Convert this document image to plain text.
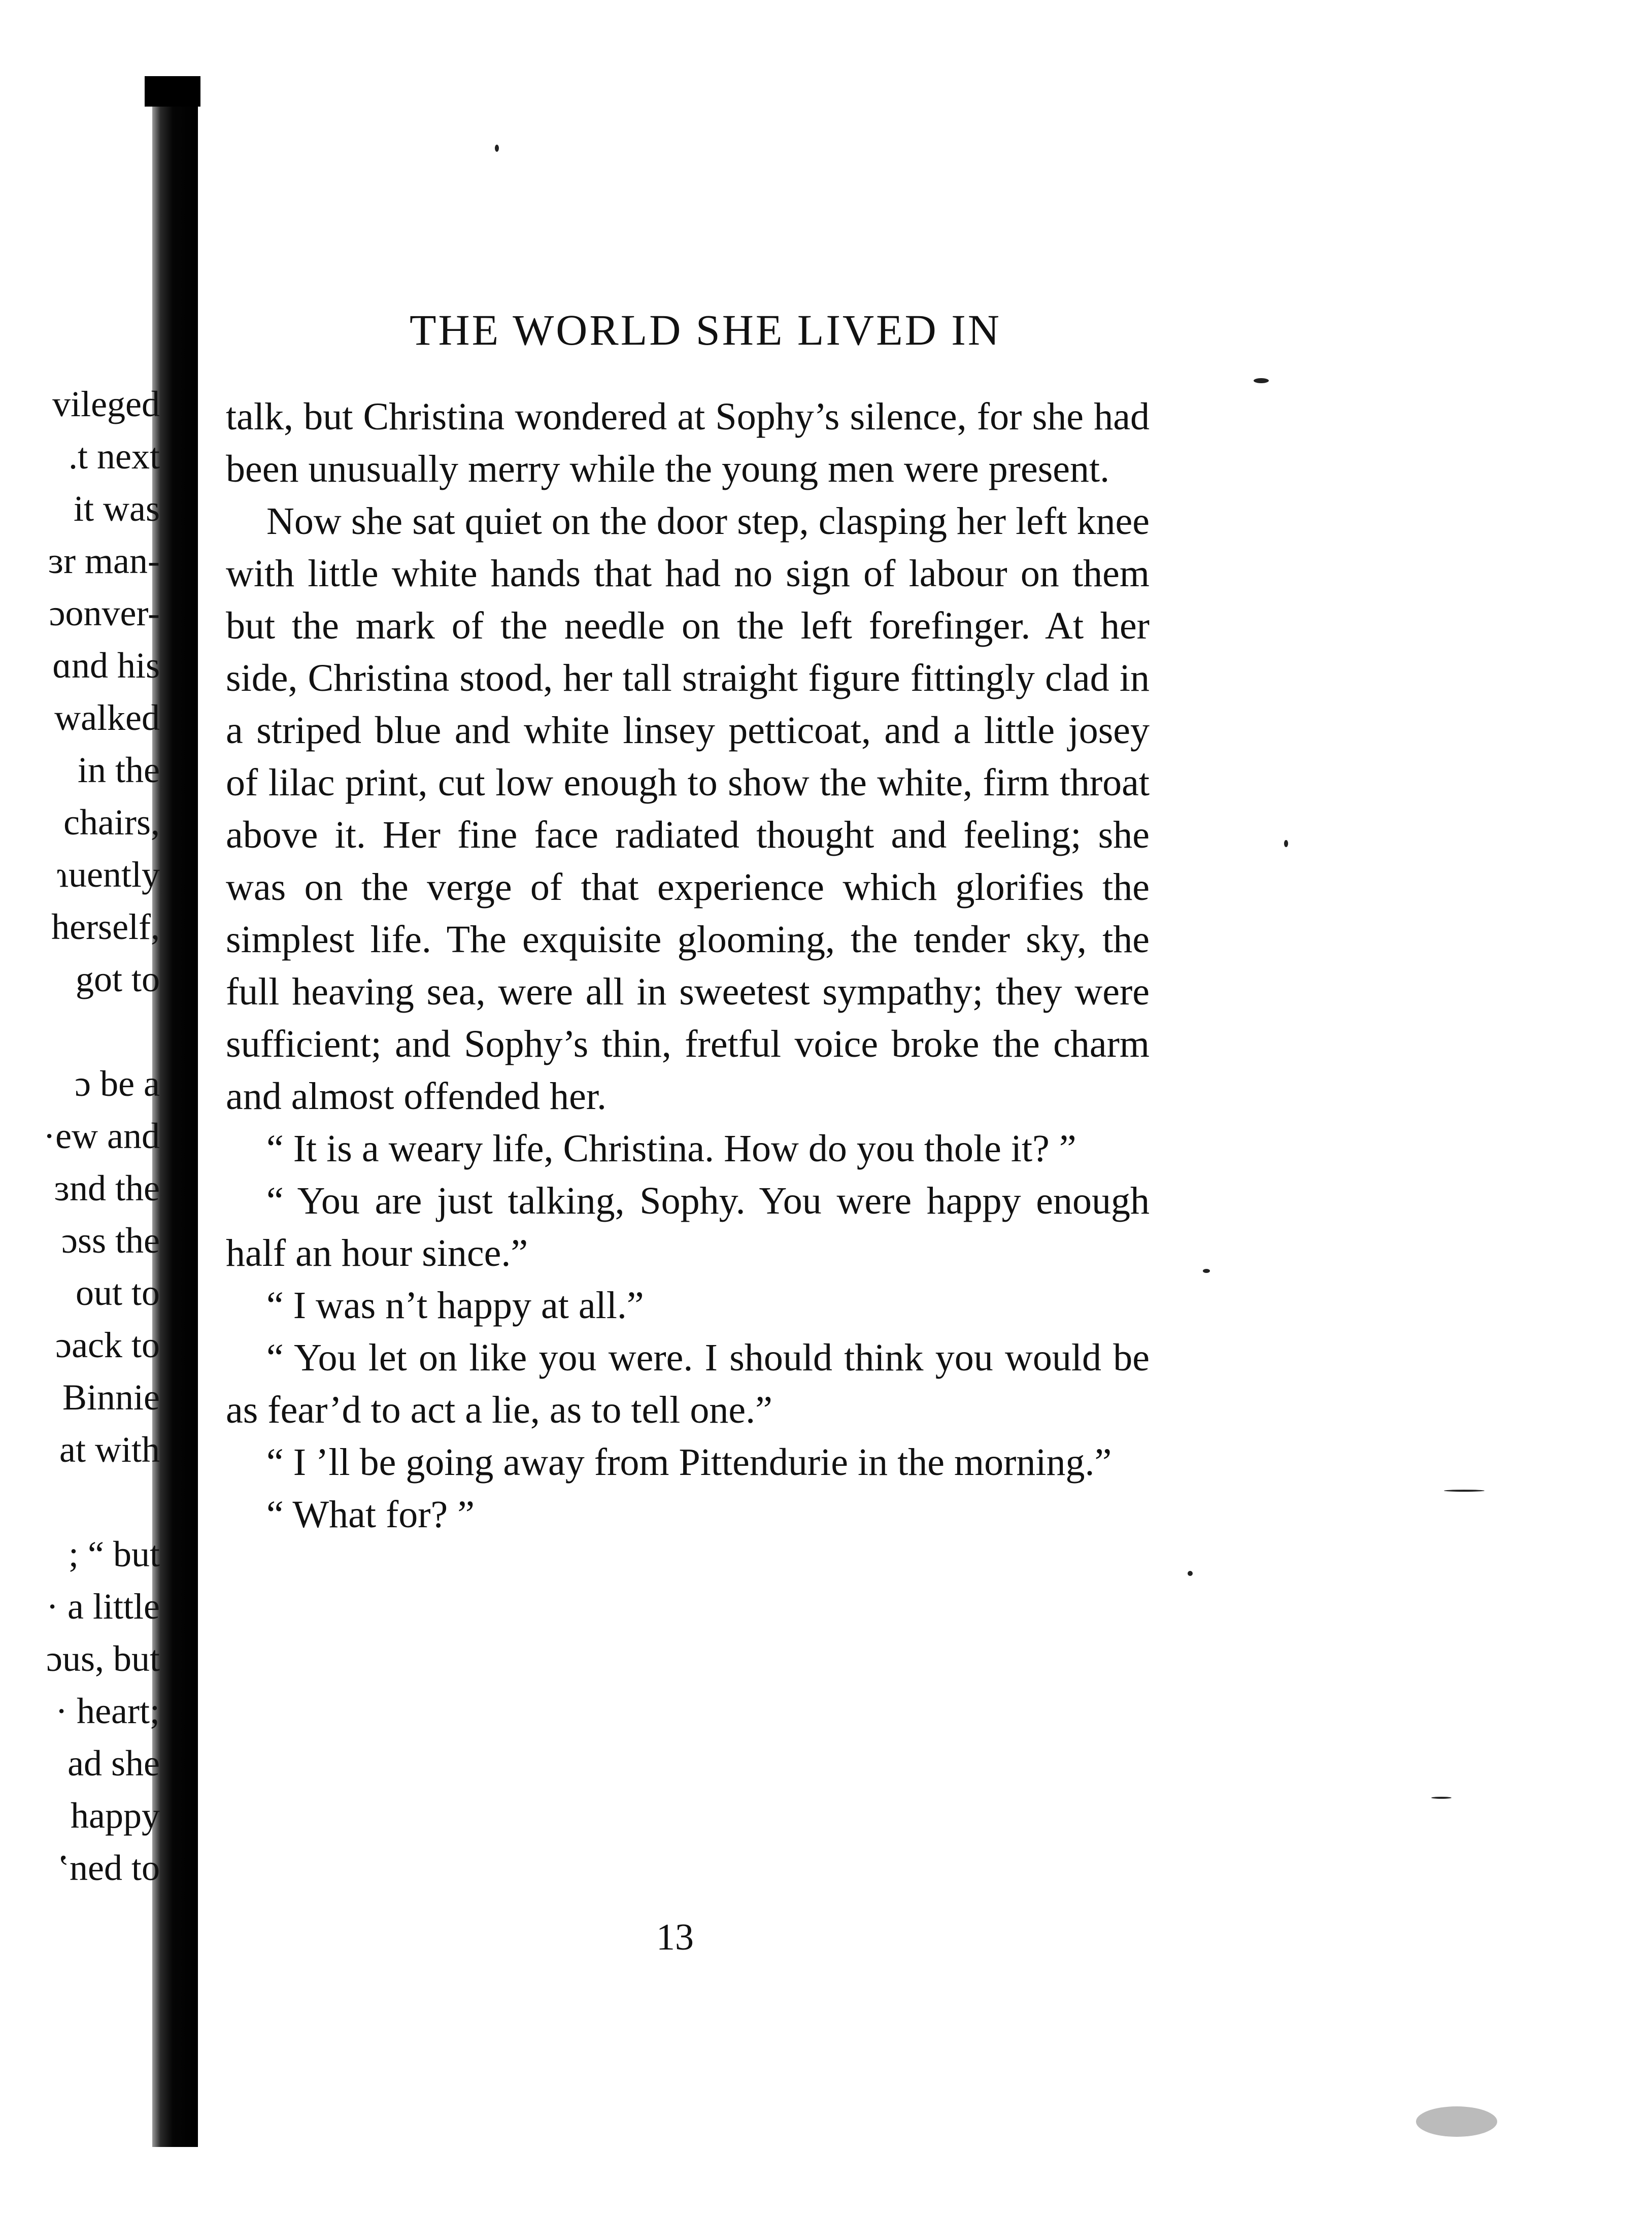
vileged
.t next
it was
ɜr man-
ɔonver-
ɑnd his
walked
in the
chairs,
ɿuently
herself,
got to
ɔ be a
·ew and
ɜnd the
ɔss the
out to
ɔack to
Binnie
at with
; “ but
· a little
ɔus, but
· heart;
ad she
happy
ʽned to
THE WORLD SHE LIVED IN

talk, but Christina wondered at Sophy’s silence, for she had been unusually merry while the young men were present.

Now she sat quiet on the door step, clasping her left knee with little white hands that had no sign of labour on them but the mark of the needle on the left forefinger. At her side, Christina stood, her tall straight figure fittingly clad in a striped blue and white linsey petticoat, and a little josey of lilac print, cut low enough to show the white, firm throat above it. Her fine face radiated thought and feeling; she was on the verge of that experience which glorifies the simplest life. The exquisite glooming, the tender sky, the full heaving sea, were all in sweetest sympathy; they were sufficient; and Sophy’s thin, fretful voice broke the charm and almost offended her.

“ It is a weary life, Christina. How do you thole it? ”

“ You are just talking, Sophy. You were happy enough half an hour since.”

“ I was n’t happy at all.”

“ You let on like you were. I should think you would be as fear’d to act a lie, as to tell one.”

“ I ’ll be going away from Pittendurie in the morning.”

“ What for? ”

13
